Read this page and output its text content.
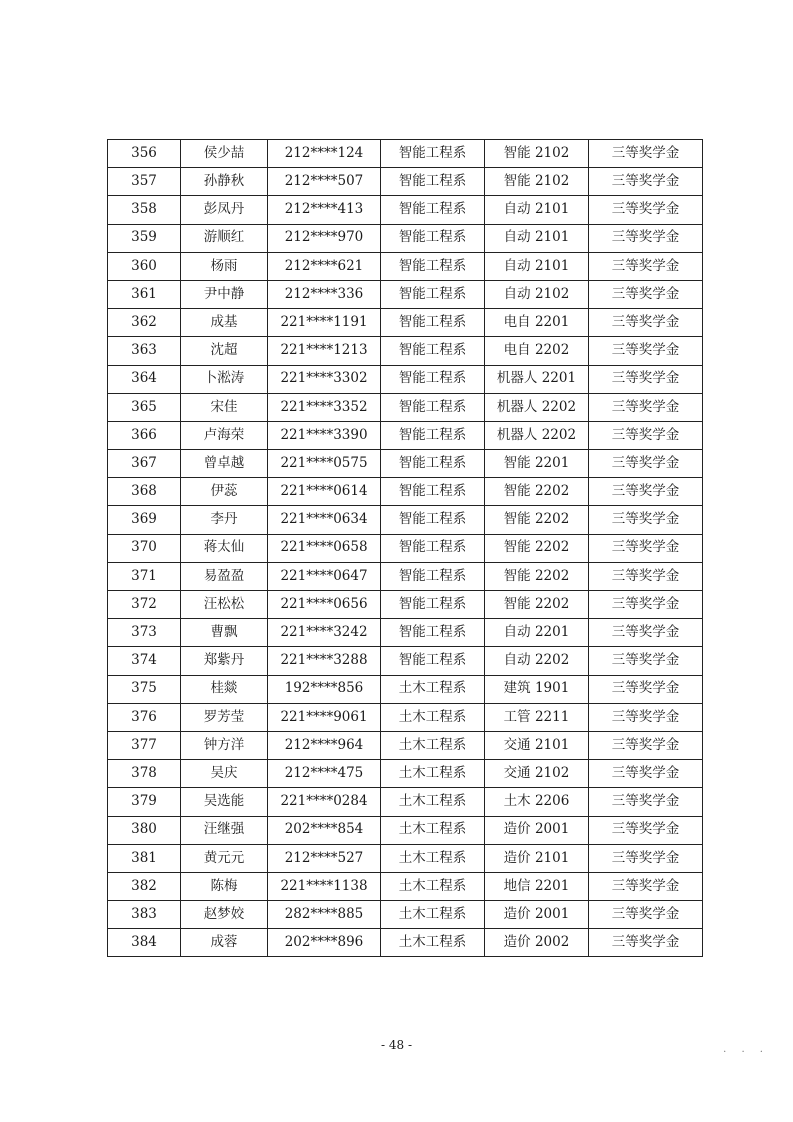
356	侯少喆	212****124	智能工程系	智能 2102	三等奖学金
357	孙静秋	212****507	智能工程系	智能 2102	三等奖学金
358	彭凤丹	212****413	智能工程系	自动 2101	三等奖学金
359	游顺红	212****970	智能工程系	自动 2101	三等奖学金
360	杨雨	212****621	智能工程系	自动 2101	三等奖学金
361	尹中静	212****336	智能工程系	自动 2102	三等奖学金
362	成基	221****1191	智能工程系	电自 2201	三等奖学金
363	沈超	221****1213	智能工程系	电自 2202	三等奖学金
364	卜淞涛	221****3302	智能工程系	机器人 2201	三等奖学金
365	宋佳	221****3352	智能工程系	机器人 2202	三等奖学金
366	卢海荣	221****3390	智能工程系	机器人 2202	三等奖学金
367	曾卓越	221****0575	智能工程系	智能 2201	三等奖学金
368	伊蕊	221****0614	智能工程系	智能 2202	三等奖学金
369	李丹	221****0634	智能工程系	智能 2202	三等奖学金
370	蒋太仙	221****0658	智能工程系	智能 2202	三等奖学金
371	易盈盈	221****0647	智能工程系	智能 2202	三等奖学金
372	汪松松	221****0656	智能工程系	智能 2202	三等奖学金
373	曹飘	221****3242	智能工程系	自动 2201	三等奖学金
374	郑紫丹	221****3288	智能工程系	自动 2202	三等奖学金
375	桂燚	192****856	土木工程系	建筑 1901	三等奖学金
376	罗芳莹	221****9061	土木工程系	工管 2211	三等奖学金
377	钟方洋	212****964	土木工程系	交通 2101	三等奖学金
378	吴庆	212****475	土木工程系	交通 2102	三等奖学金
379	吴选能	221****0284	土木工程系	土木 2206	三等奖学金
380	汪继强	202****854	土木工程系	造价 2001	三等奖学金
381	黄元元	212****527	土木工程系	造价 2101	三等奖学金
382	陈梅	221****1138	土木工程系	地信 2201	三等奖学金
383	赵梦姣	282****885	土木工程系	造价 2001	三等奖学金
384	成蓉	202****896	土木工程系	造价 2002	三等奖学金
- 48 -	. . .
